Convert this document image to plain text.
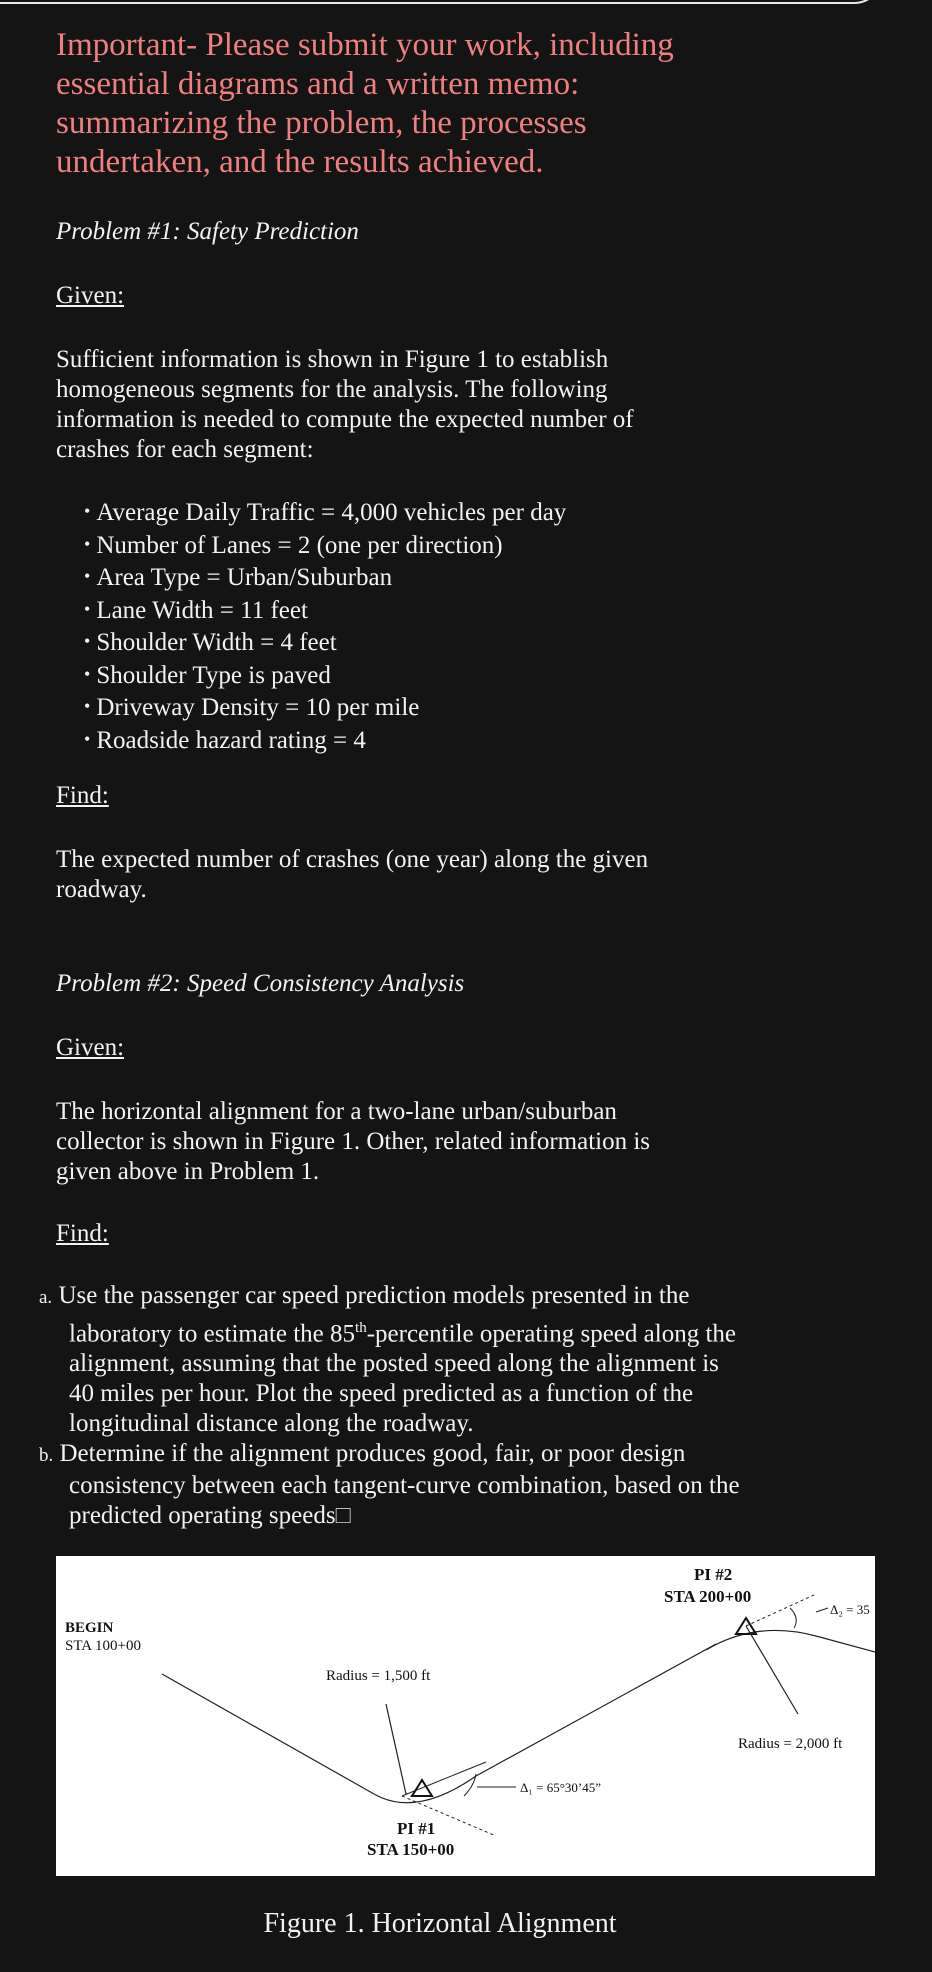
Important- Please submit your work, including essential diagrams and a written memo: summarizing the problem, the processes undertaken, and the results achieved.

Problem #1: Safety Prediction

Given:

Sufficient information is shown in Figure 1 to establish homogeneous segments for the analysis. The following information is needed to compute the expected number of crashes for each segment:

• Average Daily Traffic = 4,000 vehicles per day
• Number of Lanes = 2 (one per direction)
• Area Type = Urban/Suburban
• Lane Width = 11 feet
• Shoulder Width = 4 feet
• Shoulder Type is paved
• Driveway Density = 10 per mile
• Roadside hazard rating = 4

Find:

The expected number of crashes (one year) along the given roadway.

Problem #2: Speed Consistency Analysis

Given:

The horizontal alignment for a two-lane urban/suburban collector is shown in Figure 1. Other, related information is given above in Problem 1.

Find:

a. Use the passenger car speed prediction models presented in the laboratory to estimate the 85th-percentile operating speed along the alignment, assuming that the posted speed along the alignment is 40 miles per hour. Plot the speed predicted as a function of the longitudinal distance along the roadway.
b. Determine if the alignment produces good, fair, or poor design consistency between each tangent-curve combination, based on the predicted operating speeds□
BEGIN
STA 100+00
Radius = 1,500 ft
Δ₁ = 65°30’45”
PI #1
STA 150+00
PI #2
STA 200+00
Δ₂ = 35
Radius = 2,000 ft
Figure 1. Horizontal Alignment
